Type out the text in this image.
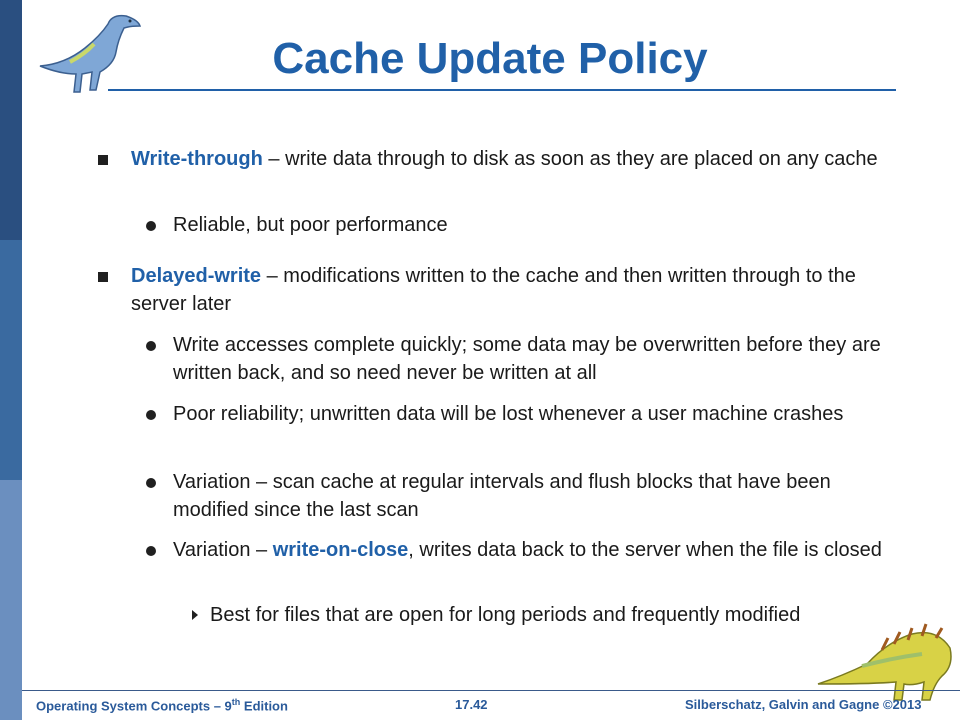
Cache Update Policy
Write-through – write data through to disk as soon as they are placed on any cache
Reliable, but poor performance
Delayed-write – modifications written to the cache and then written through to the server later
Write accesses complete quickly; some data may be overwritten before they are written back, and so need never be written at all
Poor reliability; unwritten data will be lost whenever a user machine crashes
Variation – scan cache at regular intervals and flush blocks that have been modified since the last scan
Variation – write-on-close, writes data back to the server when the file is closed
Best for files that are open for long periods and frequently modified
Operating System Concepts – 9th Edition	17.42	Silberschatz, Galvin and Gagne ©2013
